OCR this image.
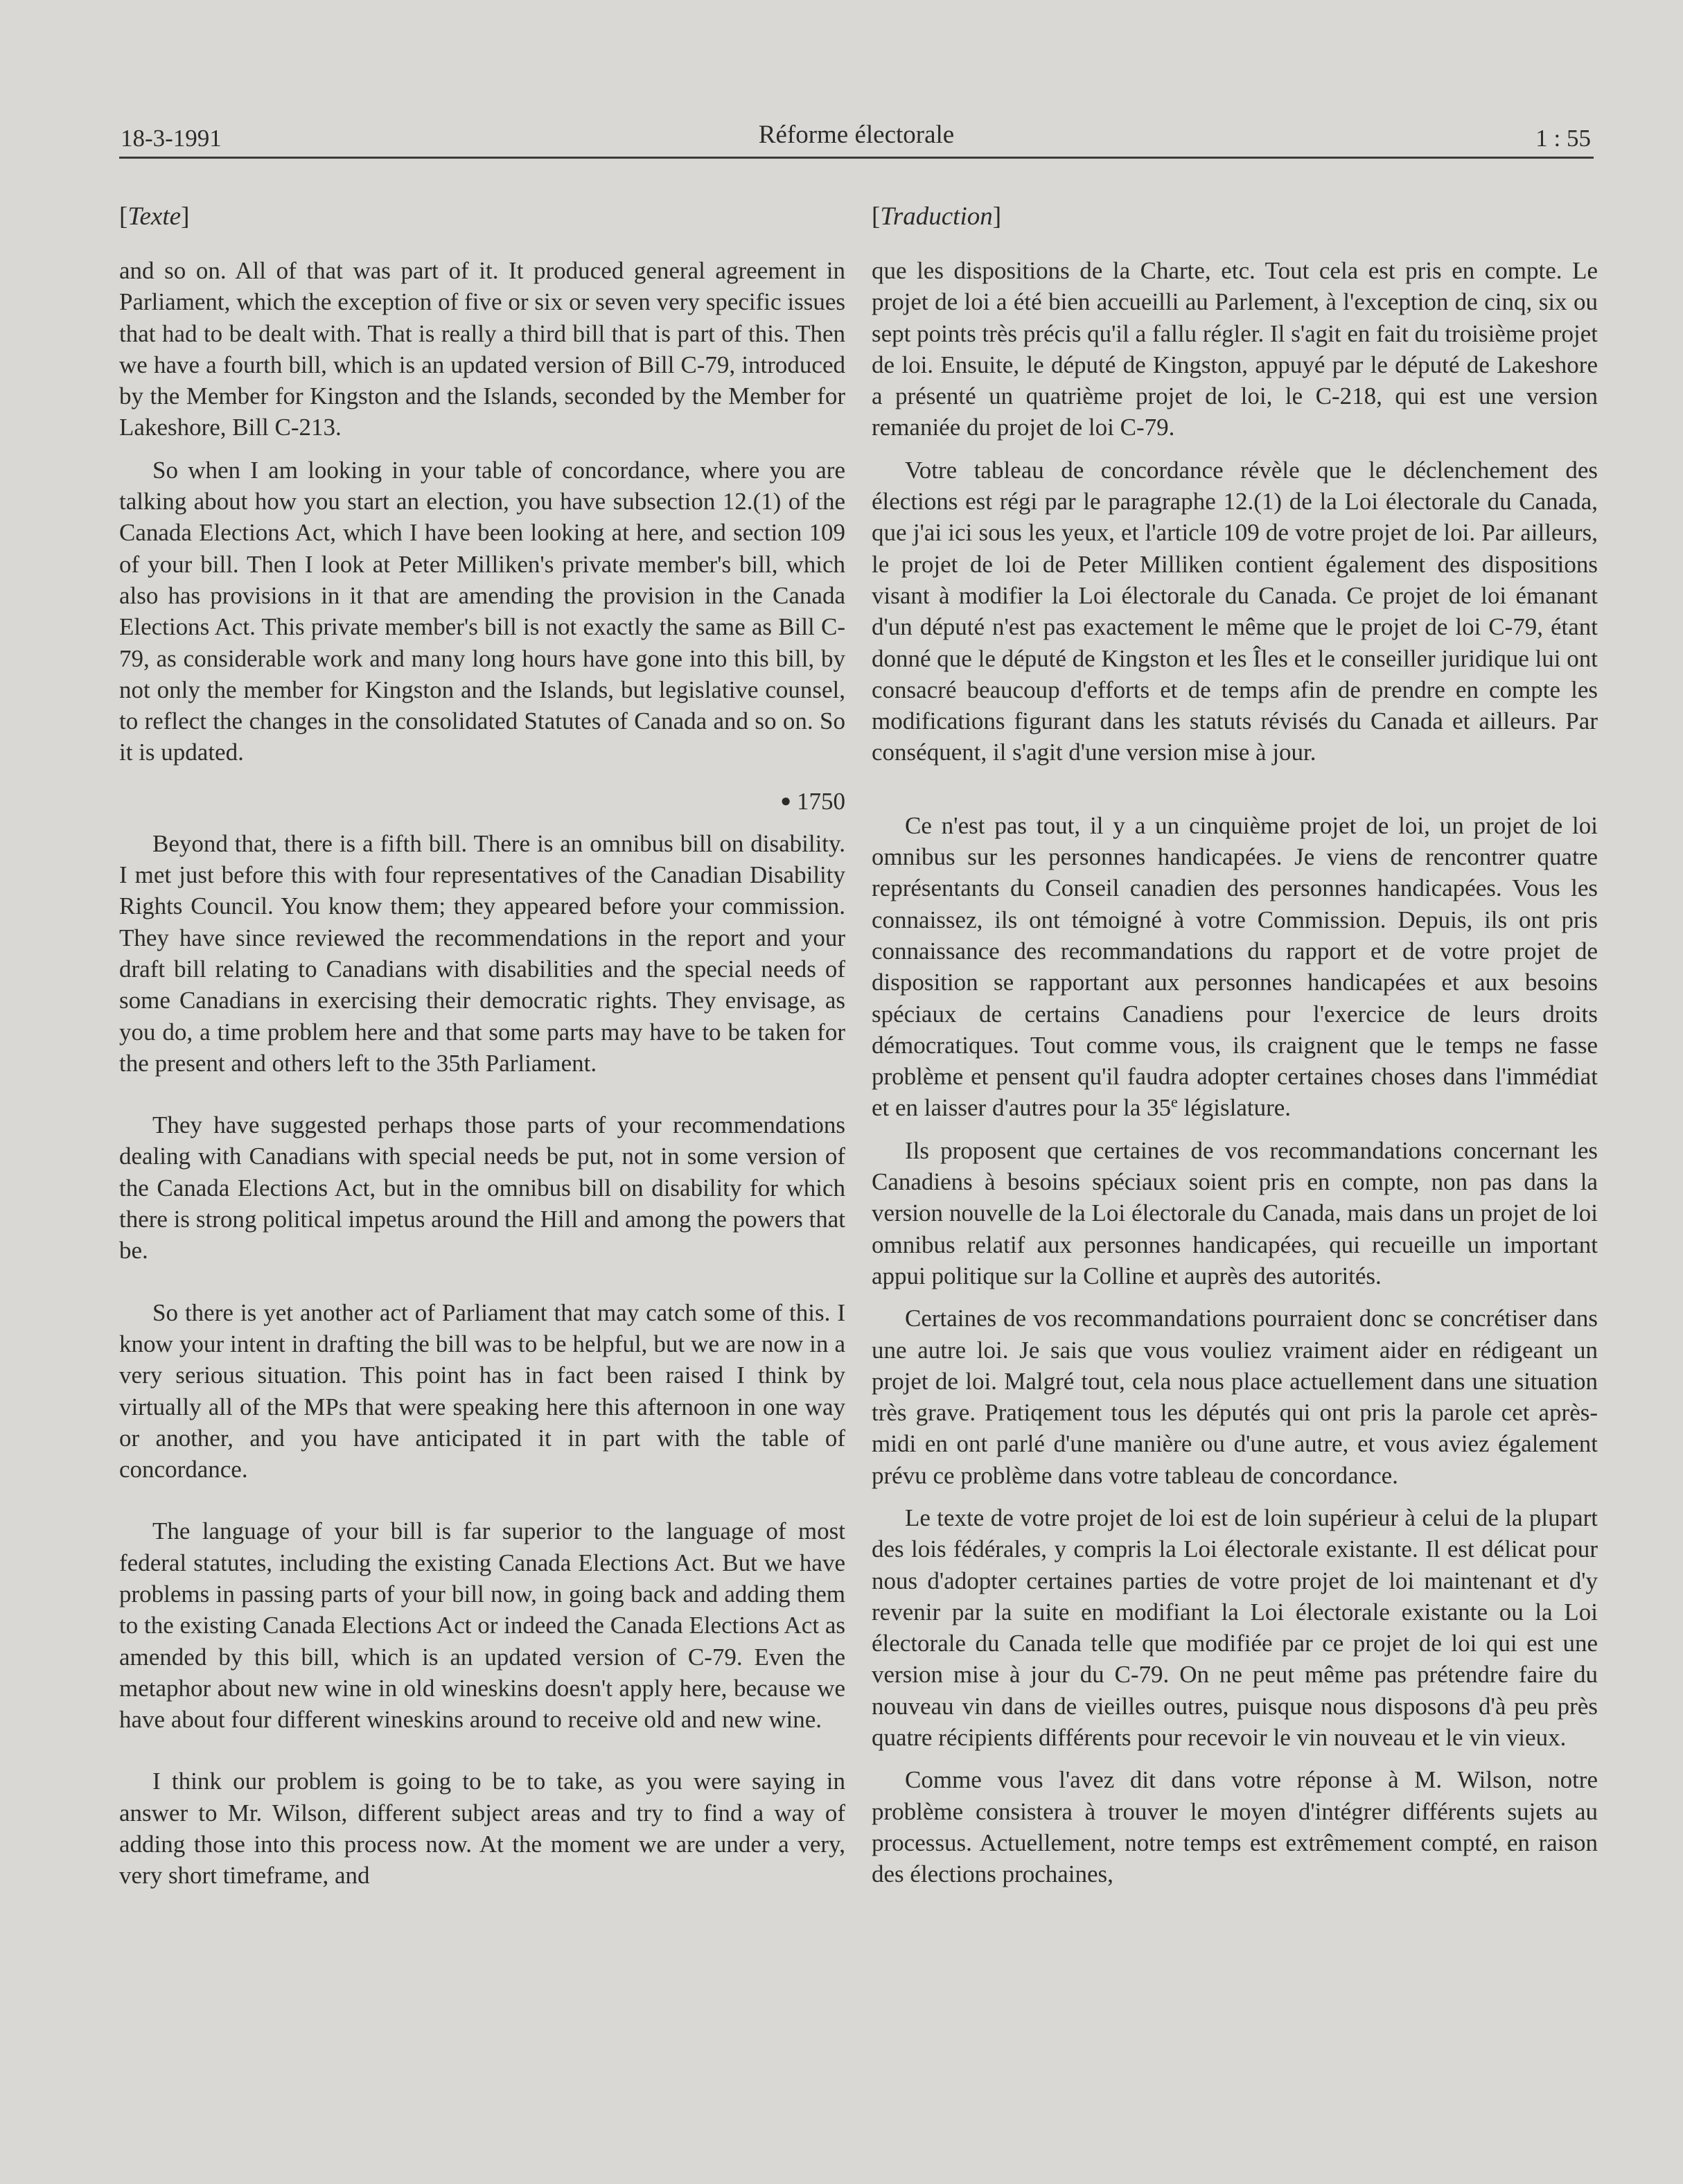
18-3-1991	Réforme électorale	1 : 55
[Texte]

and so on. All of that was part of it. It produced general agreement in Parliament, which the exception of five or six or seven very specific issues that had to be dealt with. That is really a third bill that is part of this. Then we have a fourth bill, which is an updated version of Bill C-79, introduced by the Member for Kingston and the Islands, seconded by the Member for Lakeshore, Bill C-213.

So when I am looking in your table of concordance, where you are talking about how you start an election, you have subsection 12.(1) of the Canada Elections Act, which I have been looking at here, and section 109 of your bill. Then I look at Peter Milliken's private member's bill, which also has provisions in it that are amending the provision in the Canada Elections Act. This private member's bill is not exactly the same as Bill C-79, as considerable work and many long hours have gone into this bill, by not only the member for Kingston and the Islands, but legislative counsel, to reflect the changes in the consolidated Statutes of Canada and so on. So it is updated.

● 1750

Beyond that, there is a fifth bill. There is an omnibus bill on disability. I met just before this with four representatives of the Canadian Disability Rights Council. You know them; they appeared before your commission. They have since reviewed the recommendations in the report and your draft bill relating to Canadians with disabilities and the special needs of some Canadians in exercising their democratic rights. They envisage, as you do, a time problem here and that some parts may have to be taken for the present and others left to the 35th Parliament.

They have suggested perhaps those parts of your recommendations dealing with Canadians with special needs be put, not in some version of the Canada Elections Act, but in the omnibus bill on disability for which there is strong political impetus around the Hill and among the powers that be.

So there is yet another act of Parliament that may catch some of this. I know your intent in drafting the bill was to be helpful, but we are now in a very serious situation. This point has in fact been raised I think by virtually all of the MPs that were speaking here this afternoon in one way or another, and you have anticipated it in part with the table of concordance.

The language of your bill is far superior to the language of most federal statutes, including the existing Canada Elections Act. But we have problems in passing parts of your bill now, in going back and adding them to the existing Canada Elections Act or indeed the Canada Elections Act as amended by this bill, which is an updated version of C-79. Even the metaphor about new wine in old wineskins doesn't apply here, because we have about four different wineskins around to receive old and new wine.

I think our problem is going to be to take, as you were saying in answer to Mr. Wilson, different subject areas and try to find a way of adding those into this process now. At the moment we are under a very, very short timeframe, and

[Traduction]

que les dispositions de la Charte, etc. Tout cela est pris en compte. Le projet de loi a été bien accueilli au Parlement, à l'exception de cinq, six ou sept points très précis qu'il a fallu régler. Il s'agit en fait du troisième projet de loi. Ensuite, le député de Kingston, appuyé par le député de Lakeshore a présenté un quatrième projet de loi, le C-218, qui est une version remaniée du projet de loi C-79.

Votre tableau de concordance révèle que le déclenchement des élections est régi par le paragraphe 12.(1) de la Loi électorale du Canada, que j'ai ici sous les yeux, et l'article 109 de votre projet de loi. Par ailleurs, le projet de loi de Peter Milliken contient également des dispositions visant à modifier la Loi électorale du Canada. Ce projet de loi émanant d'un député n'est pas exactement le même que le projet de loi C-79, étant donné que le député de Kingston et les Îles et le conseiller juridique lui ont consacré beaucoup d'efforts et de temps afin de prendre en compte les modifications figurant dans les statuts révisés du Canada et ailleurs. Par conséquent, il s'agit d'une version mise à jour.

Ce n'est pas tout, il y a un cinquième projet de loi, un projet de loi omnibus sur les personnes handicapées. Je viens de rencontrer quatre représentants du Conseil canadien des personnes handicapées. Vous les connaissez, ils ont témoigné à votre Commission. Depuis, ils ont pris connaissance des recommandations du rapport et de votre projet de disposition se rapportant aux personnes handicapées et aux besoins spéciaux de certains Canadiens pour l'exercice de leurs droits démocratiques. Tout comme vous, ils craignent que le temps ne fasse problème et pensent qu'il faudra adopter certaines choses dans l'immédiat et en laisser d'autres pour la 35e législature.

Ils proposent que certaines de vos recommandations concernant les Canadiens à besoins spéciaux soient pris en compte, non pas dans la version nouvelle de la Loi électorale du Canada, mais dans un projet de loi omnibus relatif aux personnes handicapées, qui recueille un important appui politique sur la Colline et auprès des autorités.

Certaines de vos recommandations pourraient donc se concrétiser dans une autre loi. Je sais que vous vouliez vraiment aider en rédigeant un projet de loi. Malgré tout, cela nous place actuellement dans une situation très grave. Pratiqement tous les députés qui ont pris la parole cet après-midi en ont parlé d'une manière ou d'une autre, et vous aviez également prévu ce problème dans votre tableau de concordance.

Le texte de votre projet de loi est de loin supérieur à celui de la plupart des lois fédérales, y compris la Loi électorale existante. Il est délicat pour nous d'adopter certaines parties de votre projet de loi maintenant et d'y revenir par la suite en modifiant la Loi électorale existante ou la Loi électorale du Canada telle que modifiée par ce projet de loi qui est une version mise à jour du C-79. On ne peut même pas prétendre faire du nouveau vin dans de vieilles outres, puisque nous disposons d'à peu près quatre récipients différents pour recevoir le vin nouveau et le vin vieux.

Comme vous l'avez dit dans votre réponse à M. Wilson, notre problème consistera à trouver le moyen d'intégrer différents sujets au processus. Actuellement, notre temps est extrêmement compté, en raison des élections prochaines,
